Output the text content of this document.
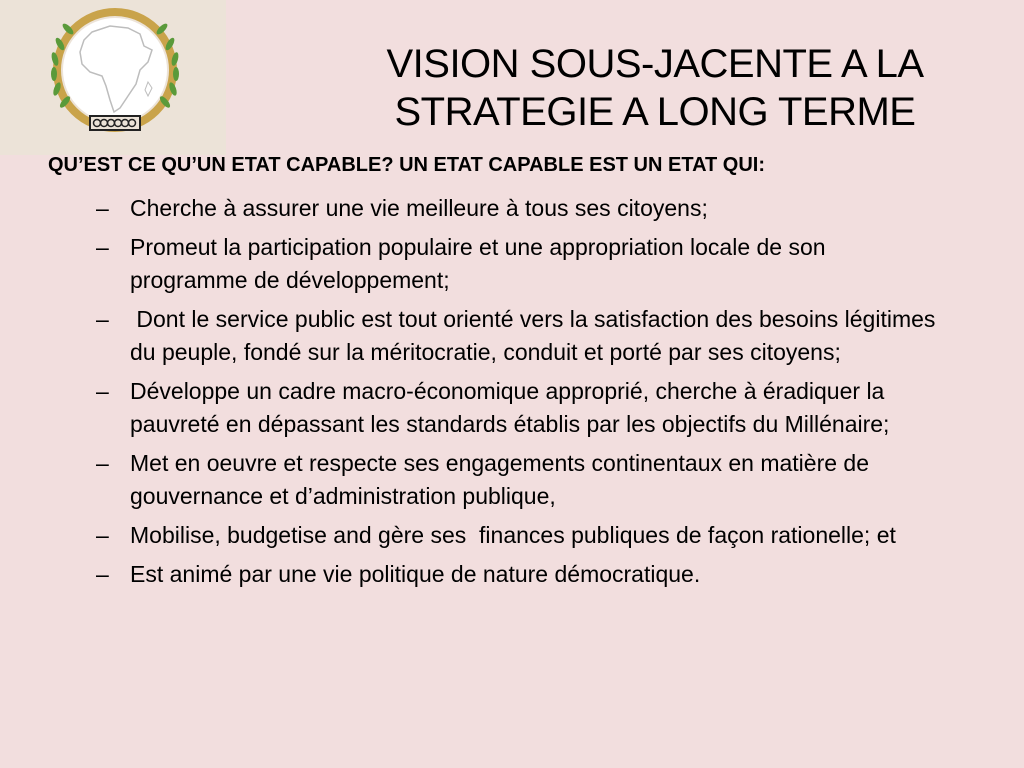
VISION SOUS-JACENTE A LA
STRATEGIE A LONG TERME

QU’EST CE QU’UN ETAT CAPABLE? UN ETAT CAPABLE EST UN ETAT QUI:

– Cherche à assurer une vie meilleure à tous ses citoyens;
– Promeut la participation populaire et une appropriation locale de son programme de développement;
– Dont le service public est tout orienté vers la satisfaction des besoins légitimes du peuple, fondé sur la méritocratie, conduit et porté par ses citoyens;
– Développe un cadre macro-économique approprié, cherche à éradiquer la pauvreté en dépassant les standards établis par les objectifs du Millénaire;
– Met en oeuvre et respecte ses engagements continentaux en matière de gouvernance et d’administration publique,
– Mobilise, budgetise and gère ses  finances publiques de façon rationelle; et
– Est animé par une vie politique de nature démocratique.
